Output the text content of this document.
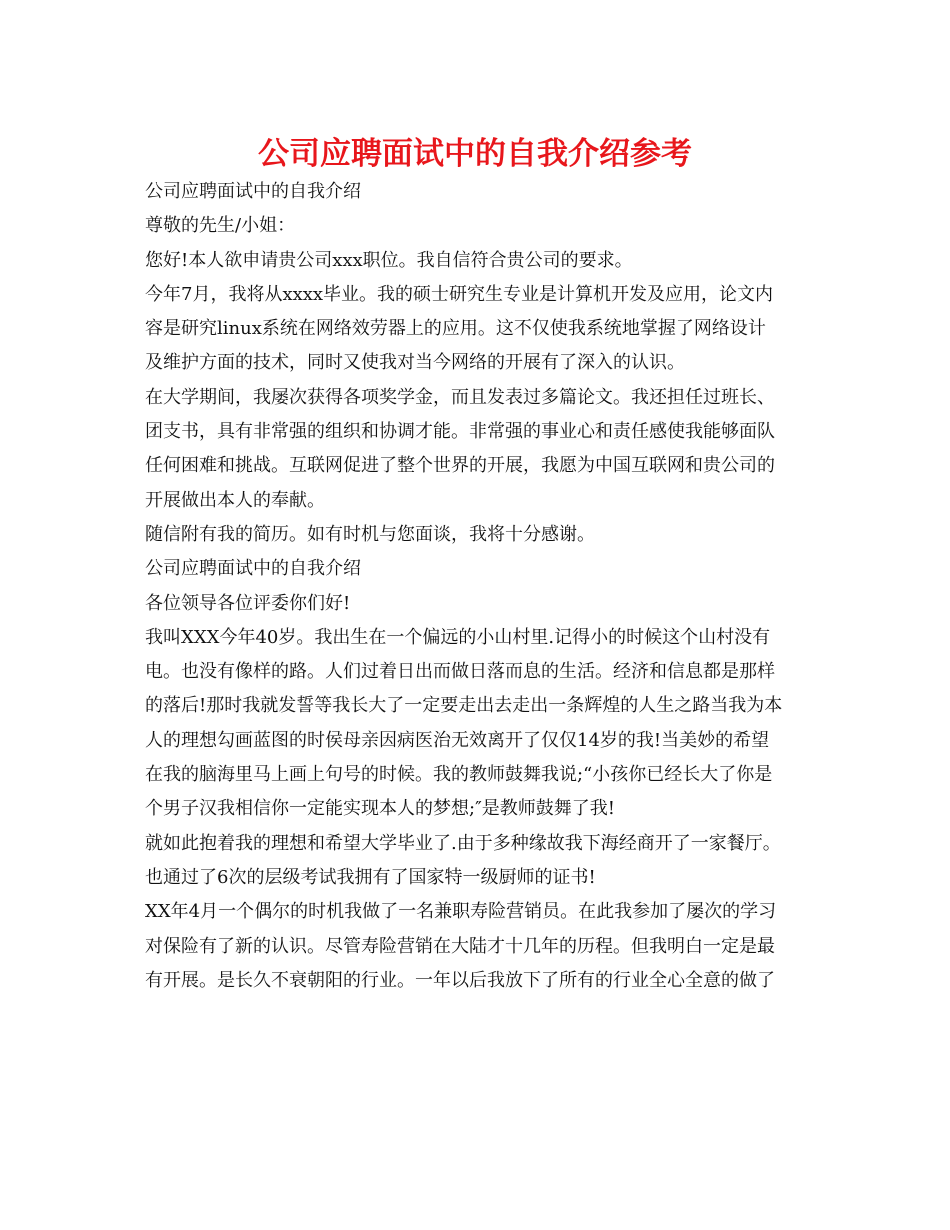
公司应聘面试中的自我介绍参考
公司应聘面试中的自我介绍
尊敬的先生/小姐：
您好!本人欲申请贵公司xxx职位。我自信符合贵公司的要求。
今年7月，我将从xxxx毕业。我的硕士研究生专业是计算机开发及应用，论文内
容是研究linux系统在网络效劳器上的应用。这不仅使我系统地掌握了网络设计
及维护方面的技术，同时又使我对当今网络的开展有了深入的认识。
在大学期间，我屡次获得各项奖学金，而且发表过多篇论文。我还担任过班长、
团支书，具有非常强的组织和协调才能。非常强的事业心和责任感使我能够面队
任何困难和挑战。互联网促进了整个世界的开展，我愿为中国互联网和贵公司的
开展做出本人的奉献。
随信附有我的简历。如有时机与您面谈，我将十分感谢。
公司应聘面试中的自我介绍
各位领导各位评委你们好!
我叫XXX今年40岁。我出生在一个偏远的小山村里.记得小的时候这个山村没有
电。也没有像样的路。人们过着日出而做日落而息的生活。经济和信息都是那样
的落后!那时我就发誓等我长大了一定要走出去走出一条辉煌的人生之路当我为本
人的理想勾画蓝图的时侯母亲因病医治无效离开了仅仅14岁的我!当美妙的希望
在我的脑海里马上画上句号的时候。我的教师鼓舞我说;“小孩你已经长大了你是
个男子汉我相信你一定能实现本人的梦想;″是教师鼓舞了我!
就如此抱着我的理想和希望大学毕业了.由于多种缘故我下海经商开了一家餐厅。
也通过了6次的层级考试我拥有了国家特一级厨师的证书!
XX年4月一个偶尔的时机我做了一名兼职寿险营销员。在此我参加了屡次的学习
对保险有了新的认识。尽管寿险营销在大陆才十几年的历程。但我明白一定是最
有开展。是长久不衰朝阳的行业。一年以后我放下了所有的行业全心全意的做了
